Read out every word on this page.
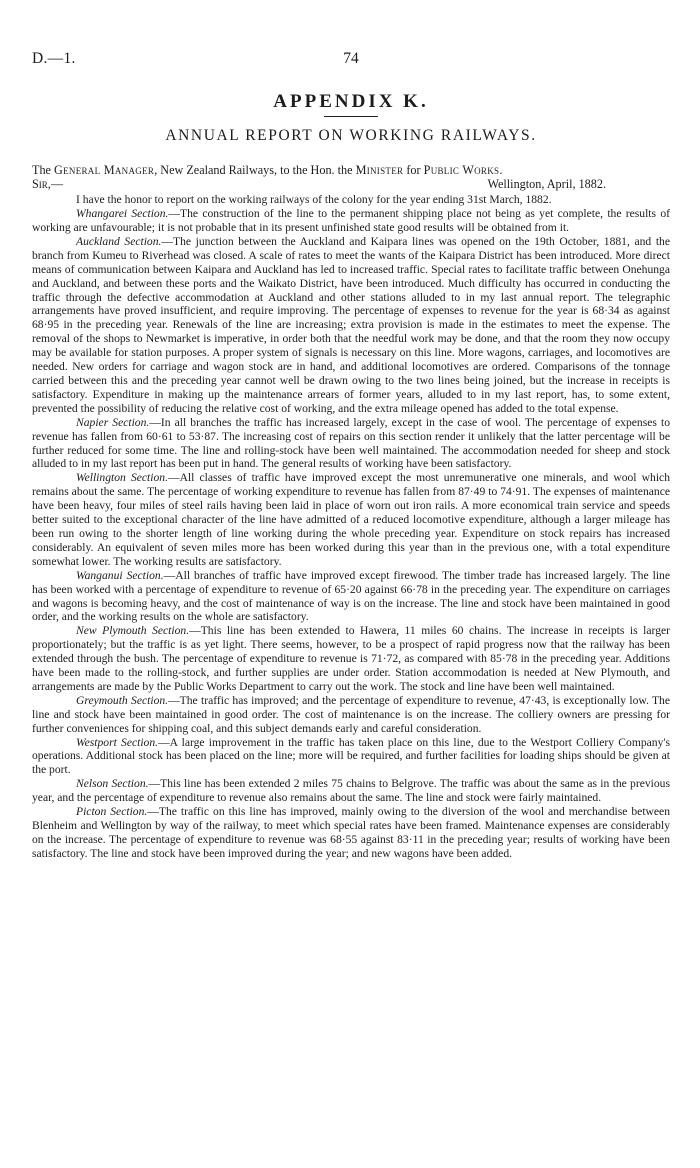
D.—1.	74
APPENDIX K.
ANNUAL REPORT ON WORKING RAILWAYS.
The General Manager, New Zealand Railways, to the Hon. the Minister for Public Works.
Sir,—	Wellington, April, 1882.

I have the honor to report on the working railways of the colony for the year ending 31st March, 1882.

Whangarei Section.—The construction of the line to the permanent shipping place not being as yet complete, the results of working are unfavourable; it is not probable that in its present unfinished state good results will be obtained from it.

Auckland Section.—The junction between the Auckland and Kaipara lines was opened on the 19th October, 1881, and the branch from Kumeu to Riverhead was closed. A scale of rates to meet the wants of the Kaipara District has been introduced. More direct means of communication between Kaipara and Auckland has led to increased traffic. Special rates to facilitate traffic between Onehunga and Auckland, and between these ports and the Waikato District, have been introduced. Much difficulty has occurred in conducting the traffic through the defective accommodation at Auckland and other stations alluded to in my last annual report. The telegraphic arrangements have proved insufficient, and require improving. The percentage of expenses to revenue for the year is 68·34 as against 68·95 in the preceding year. Renewals of the line are increasing; extra provision is made in the estimates to meet the expense. The removal of the shops to Newmarket is imperative, in order both that the needful work may be done, and that the room they now occupy may be available for station purposes. A proper system of signals is necessary on this line. More wagons, carriages, and locomotives are needed. New orders for carriage and wagon stock are in hand, and additional locomotives are ordered. Comparisons of the tonnage carried between this and the preceding year cannot well be drawn owing to the two lines being joined, but the increase in receipts is satisfactory. Expenditure in making up the maintenance arrears of former years, alluded to in my last report, has, to some extent, prevented the possibility of reducing the relative cost of working, and the extra mileage opened has added to the total expense.

Napier Section.—In all branches the traffic has increased largely, except in the case of wool. The percentage of expenses to revenue has fallen from 60·61 to 53·87. The increasing cost of repairs on this section render it unlikely that the latter percentage will be further reduced for some time. The line and rolling-stock have been well maintained. The accommodation needed for sheep and stock alluded to in my last report has been put in hand. The general results of working have been satisfactory.

Wellington Section.—All classes of traffic have improved except the most unremunerative one minerals, and wool which remains about the same. The percentage of working expenditure to revenue has fallen from 87·49 to 74·91. The expenses of maintenance have been heavy, four miles of steel rails having been laid in place of worn out iron rails. A more economical train service and speeds better suited to the exceptional character of the line have admitted of a reduced locomotive expenditure, although a larger mileage has been run owing to the shorter length of line working during the whole preceding year. Expenditure on stock repairs has increased considerably. An equivalent of seven miles more has been worked during this year than in the previous one, with a total expenditure somewhat lower. The working results are satisfactory.

Wanganui Section.—All branches of traffic have improved except firewood. The timber trade has increased largely. The line has been worked with a percentage of expenditure to revenue of 65·20 against 66·78 in the preceding year. The expenditure on carriages and wagons is becoming heavy, and the cost of maintenance of way is on the increase. The line and stock have been maintained in good order, and the working results on the whole are satisfactory.

New Plymouth Section.—This line has been extended to Hawera, 11 miles 60 chains. The increase in receipts is larger proportionately; but the traffic is as yet light. There seems, however, to be a prospect of rapid progress now that the railway has been extended through the bush. The percentage of expenditure to revenue is 71·72, as compared with 85·78 in the preceding year. Additions have been made to the rolling-stock, and further supplies are under order. Station accommodation is needed at New Plymouth, and arrangements are made by the Public Works Department to carry out the work. The stock and line have been well maintained.

Greymouth Section.—The traffic has improved; and the percentage of expenditure to revenue, 47·43, is exceptionally low. The line and stock have been maintained in good order. The cost of maintenance is on the increase. The colliery owners are pressing for further conveniences for shipping coal, and this subject demands early and careful consideration.

Westport Section.—A large improvement in the traffic has taken place on this line, due to the Westport Colliery Company's operations. Additional stock has been placed on the line; more will be required, and further facilities for loading ships should be given at the port.

Nelson Section.—This line has been extended 2 miles 75 chains to Belgrove. The traffic was about the same as in the previous year, and the percentage of expenditure to revenue also remains about the same. The line and stock were fairly maintained.

Picton Section.—The traffic on this line has improved, mainly owing to the diversion of the wool and merchandise between Blenheim and Wellington by way of the railway, to meet which special rates have been framed. Maintenance expenses are considerably on the increase. The percentage of expenditure to revenue was 68·55 against 83·11 in the preceding year; results of working have been satisfactory. The line and stock have been improved during the year; and new wagons have been added.
